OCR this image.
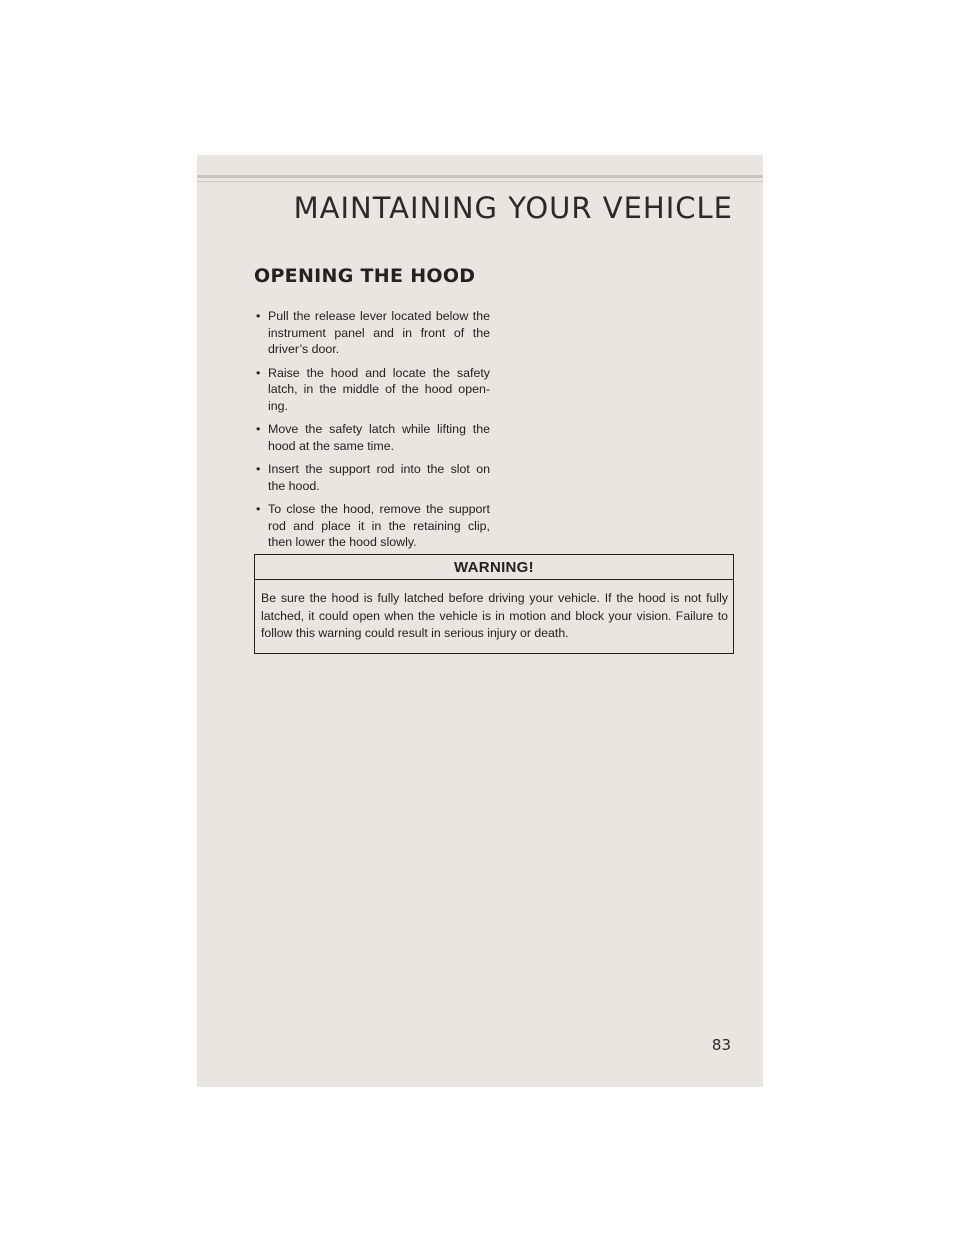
MAINTAINING YOUR VEHICLE
OPENING THE HOOD
• Pull the release lever located below the instrument panel and in front of the driver’s door.
• Raise the hood and locate the safety latch, in the middle of the hood open-ing.
• Move the safety latch while lifting the hood at the same time.
• Insert the support rod into the slot on the hood.
• To close the hood, remove the support rod and place it in the retaining clip, then lower the hood slowly.
WARNING!
Be sure the hood is fully latched before driving your vehicle. If the hood is not fully latched, it could open when the vehicle is in motion and block your vision. Failure to follow this warning could result in serious injury or death.
83
